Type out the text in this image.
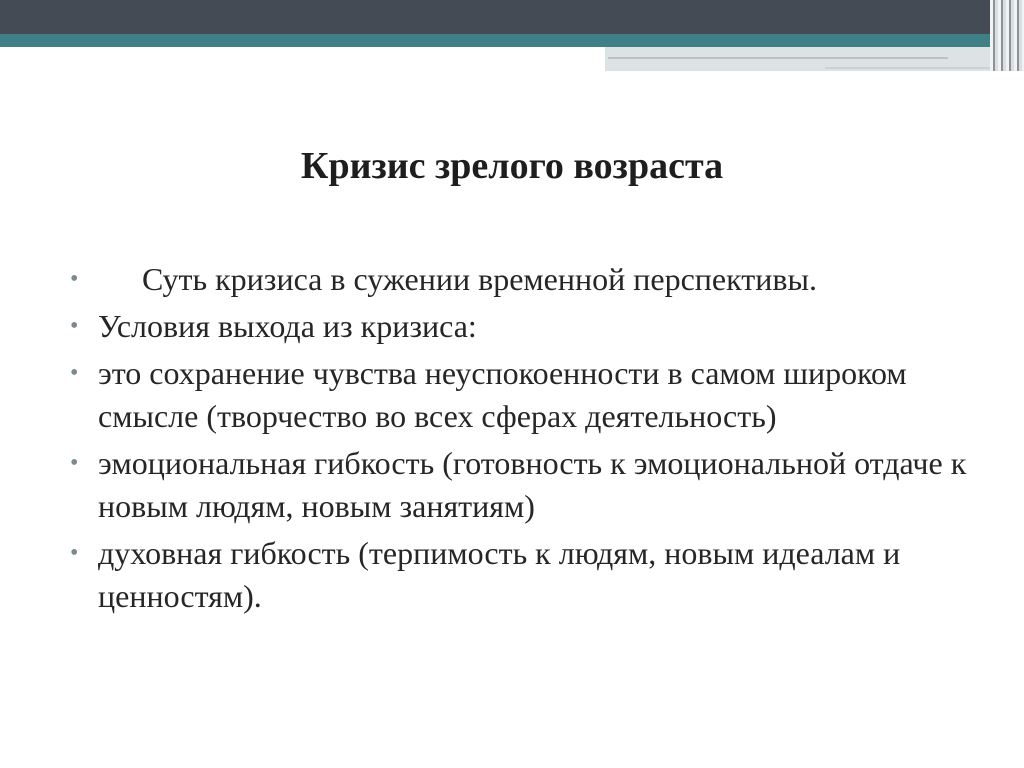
Кризис зрелого возраста
•	Суть кризиса в сужении временной перспективы.
• Условия выхода из кризиса:
• это сохранение чувства неуспокоенности в самом широком смысле (творчество во всех сферах деятельность)
• эмоциональная гибкость (готовность к эмоциональной отдаче к новым людям, новым занятиям)
• духовная гибкость (терпимость к людям, новым идеалам и ценностям).
